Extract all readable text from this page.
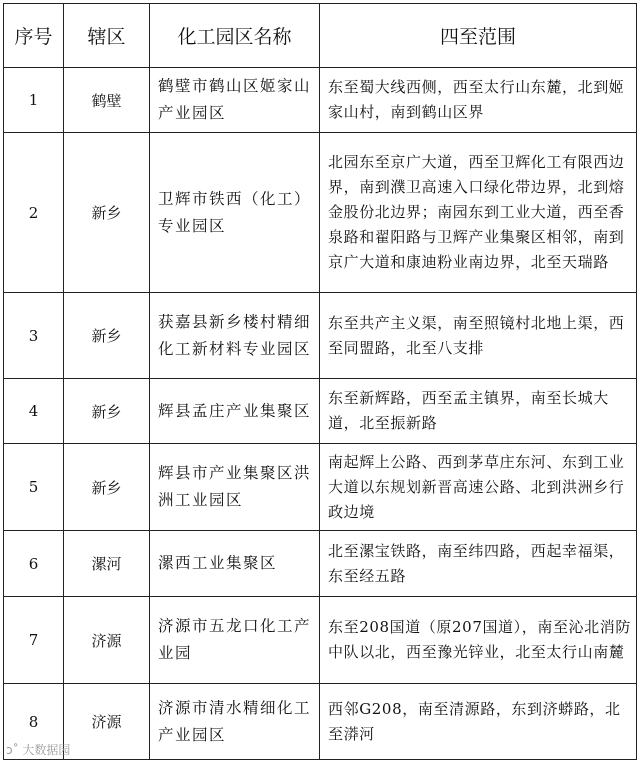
序号	辖区	化工园区名称	四至范围
1	鹤壁	鹤壁市鹤山区姬家山产业园区	东至蜀大线西侧，西至太行山东麓，北到姬家山村，南到鹤山区界
2	新乡	卫辉市铁西（化工）专业园区	北园东至京广大道，西至卫辉化工有限西边界，南到濮卫高速入口绿化带边界，北到熔金股份北边界；南园东到工业大道，西至香泉路和翟阳路与卫辉产业集聚区相邻，南到京广大道和康迪粉业南边界，北至天瑞路
3	新乡	获嘉县新乡楼村精细化工新材料专业园区	东至共产主义渠，南至照镜村北地上渠，西至同盟路，北至八支排
4	新乡	辉县孟庄产业集聚区	东至新辉路，西至孟主镇界，南至长城大道，北至振新路
5	新乡	辉县市产业集聚区洪洲工业园区	南起辉上公路、西到茅草庄东河、东到工业大道以东规划新晋高速公路、北到洪洲乡行政边境
6	漯河	漯西工业集聚区	北至漯宝铁路，南至纬四路，西起幸福渠，东至经五路
7	济源	济源市五龙口化工产业园	东至208国道（原207国道），南至沁北消防中队以北，西至豫光锌业，北至太行山南麓
8	济源	济源市清水精细化工产业园区	西邻G208，南至清源路，东到济蟒路，北至漭河
ↄ˚ 大数据园
